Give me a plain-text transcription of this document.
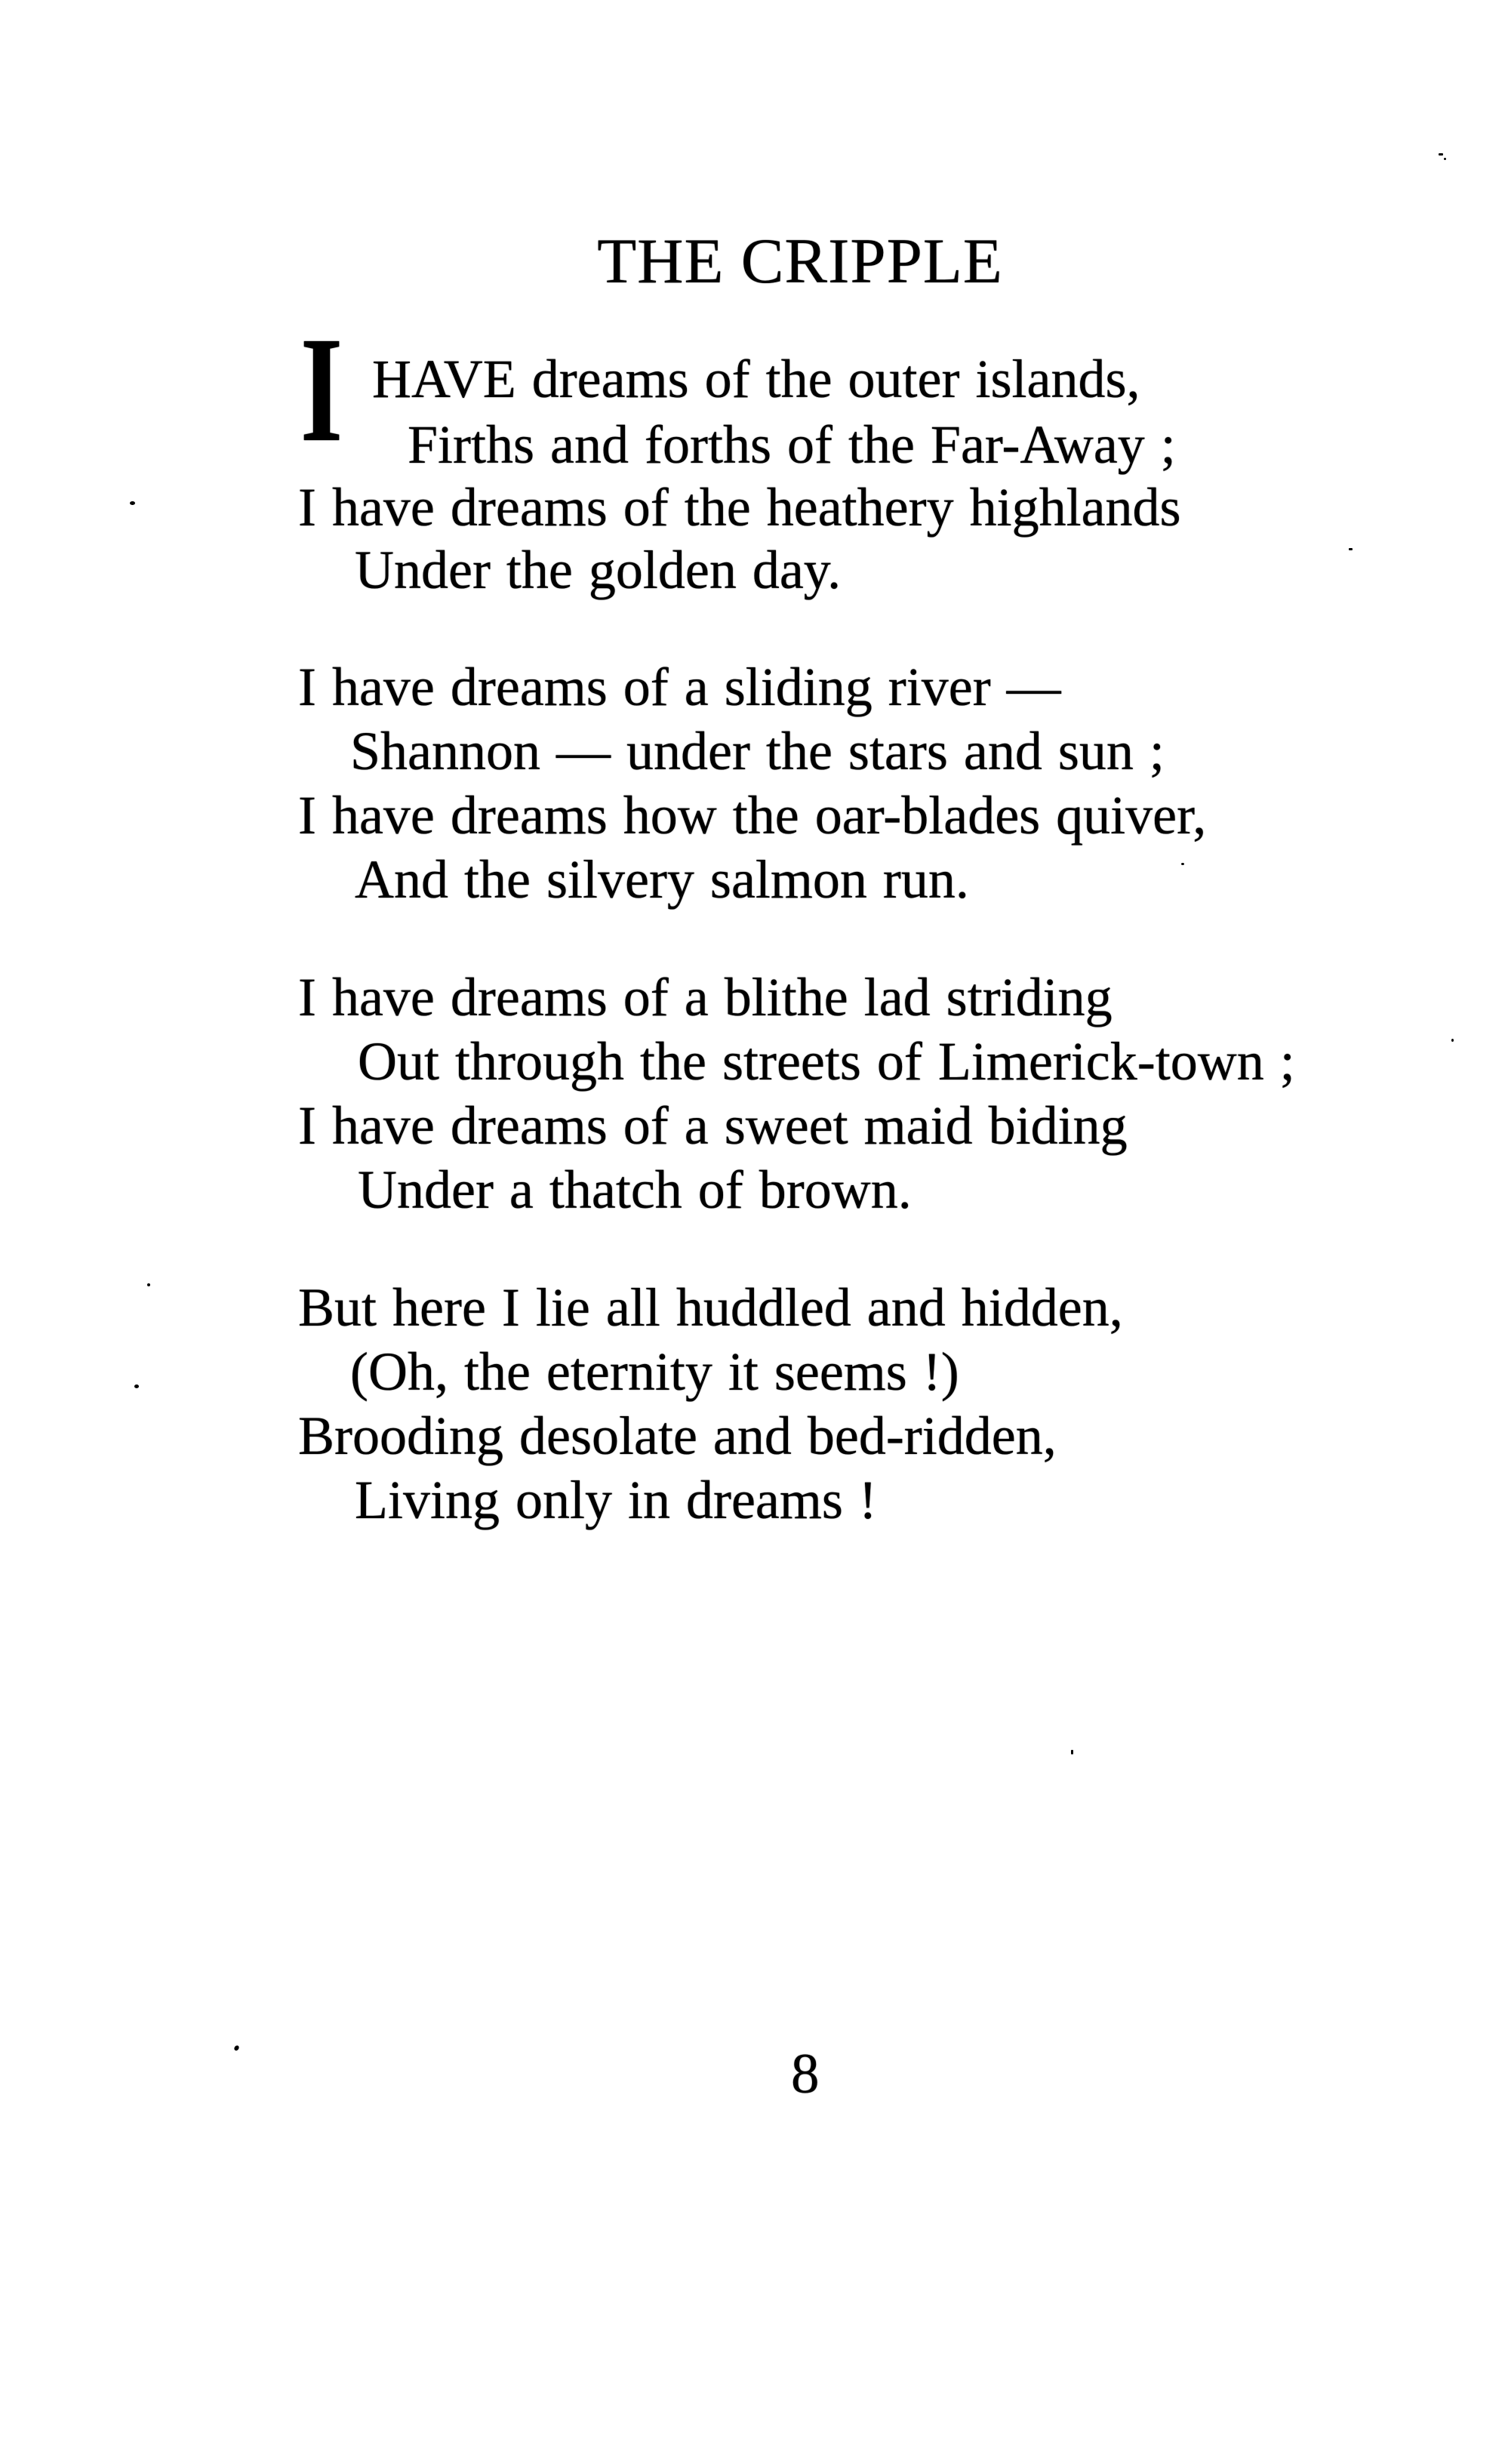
THE CRIPPLE
I HAVE dreams of the outer islands,
Firths and forths of the Far-Away ;
I have dreams of the heathery highlands
Under the golden day.
I have dreams of a sliding river —
Shannon — under the stars and sun ;
I have dreams how the oar-blades quiver,
And the silvery salmon run.
I have dreams of a blithe lad striding
Out through the streets of Limerick-town ;
I have dreams of a sweet maid biding
Under a thatch of brown.
But here I lie all huddled and hidden,
(Oh, the eternity it seems !)
Brooding desolate and bed-ridden,
Living only in dreams !
8
